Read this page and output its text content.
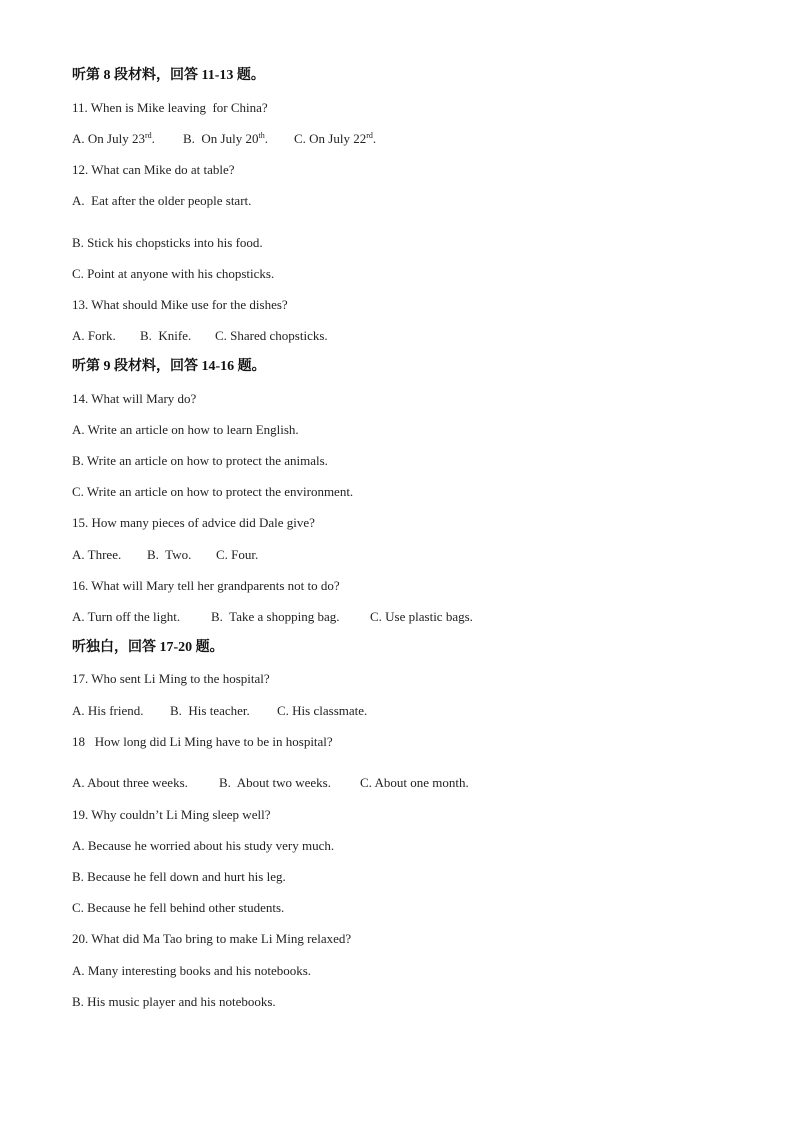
听第 8 段材料，回答 11-13 题。
11. When is Mike leaving  for China?
A. On July 23rd. B.  On July 20th. C. On July 22rd.
12. What can Mike do at table?
A.  Eat after the older people start.
B. Stick his chopsticks into his food.
C. Point at anyone with his chopsticks.
13. What should Mike use for the dishes?
A. Fork. B.  Knife. C. Shared chopsticks.
听第 9 段材料，回答 14-16 题。
14. What will Mary do?
A. Write an article on how to learn English.
B. Write an article on how to protect the animals.
C. Write an article on how to protect the environment.
15. How many pieces of advice did Dale give?
A. Three. B.  Two. C. Four.
16. What will Mary tell her grandparents not to do?
A. Turn off the light. B.  Take a shopping bag. C. Use plastic bags.
听独白，回答 17-20 题。
17. Who sent Li Ming to the hospital?
A. His friend. B.  His teacher. C. His classmate.
18   How long did Li Ming have to be in hospital?
A. About three weeks. B.  About two weeks. C. About one month.
19. Why couldn’t Li Ming sleep well?
A. Because he worried about his study very much.
B. Because he fell down and hurt his leg.
C. Because he fell behind other students.
20. What did Ma Tao bring to make Li Ming relaxed?
A. Many interesting books and his notebooks.
B. His music player and his notebooks.
